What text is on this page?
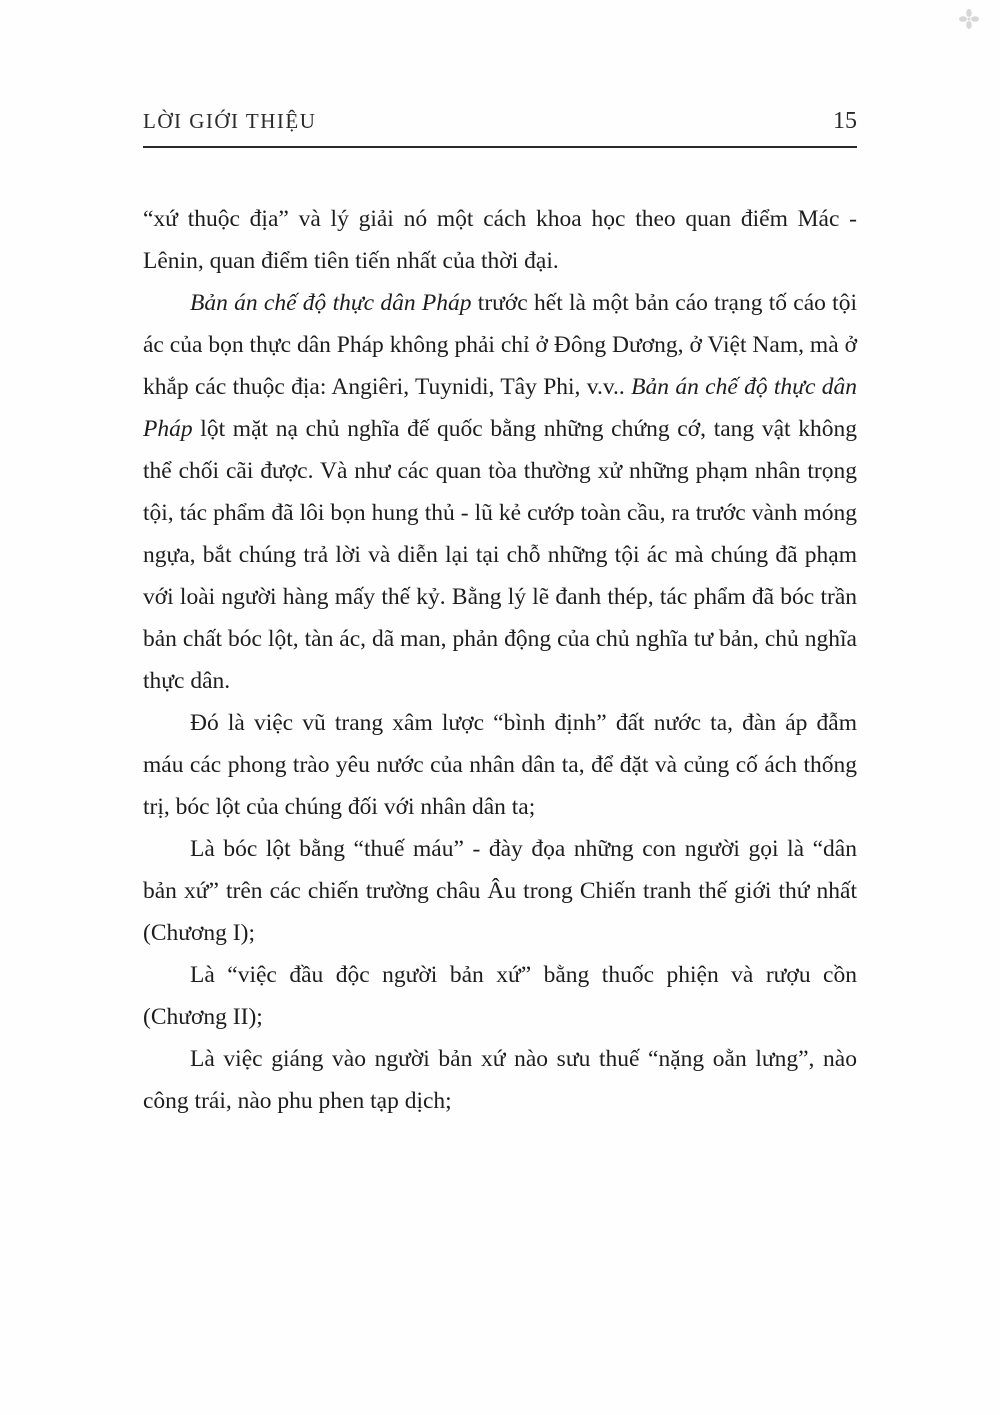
LỜI GIỚI THIỆU	15

“xứ thuộc địa” và lý giải nó một cách khoa học theo quan điểm Mác - Lênin, quan điểm tiên tiến nhất của thời đại.

Bản án chế độ thực dân Pháp trước hết là một bản cáo trạng tố cáo tội ác của bọn thực dân Pháp không phải chỉ ở Đông Dương, ở Việt Nam, mà ở khắp các thuộc địa: Angiêri, Tuynidi, Tây Phi, v.v.. Bản án chế độ thực dân Pháp lột mặt nạ chủ nghĩa đế quốc bằng những chứng cớ, tang vật không thể chối cãi được. Và như các quan tòa thường xử những phạm nhân trọng tội, tác phẩm đã lôi bọn hung thủ - lũ kẻ cướp toàn cầu, ra trước vành móng ngựa, bắt chúng trả lời và diễn lại tại chỗ những tội ác mà chúng đã phạm với loài người hàng mấy thế kỷ. Bằng lý lẽ đanh thép, tác phẩm đã bóc trần bản chất bóc lột, tàn ác, dã man, phản động của chủ nghĩa tư bản, chủ nghĩa thực dân.

Đó là việc vũ trang xâm lược “bình định” đất nước ta, đàn áp đẫm máu các phong trào yêu nước của nhân dân ta, để đặt và củng cố ách thống trị, bóc lột của chúng đối với nhân dân ta;

Là bóc lột bằng “thuế máu” - đày đọa những con người gọi là “dân bản xứ” trên các chiến trường châu Âu trong Chiến tranh thế giới thứ nhất (Chương I);

Là “việc đầu độc người bản xứ” bằng thuốc phiện và rượu cồn (Chương II);

Là việc giáng vào người bản xứ nào sưu thuế “nặng oằn lưng”, nào công trái, nào phu phen tạp dịch;
